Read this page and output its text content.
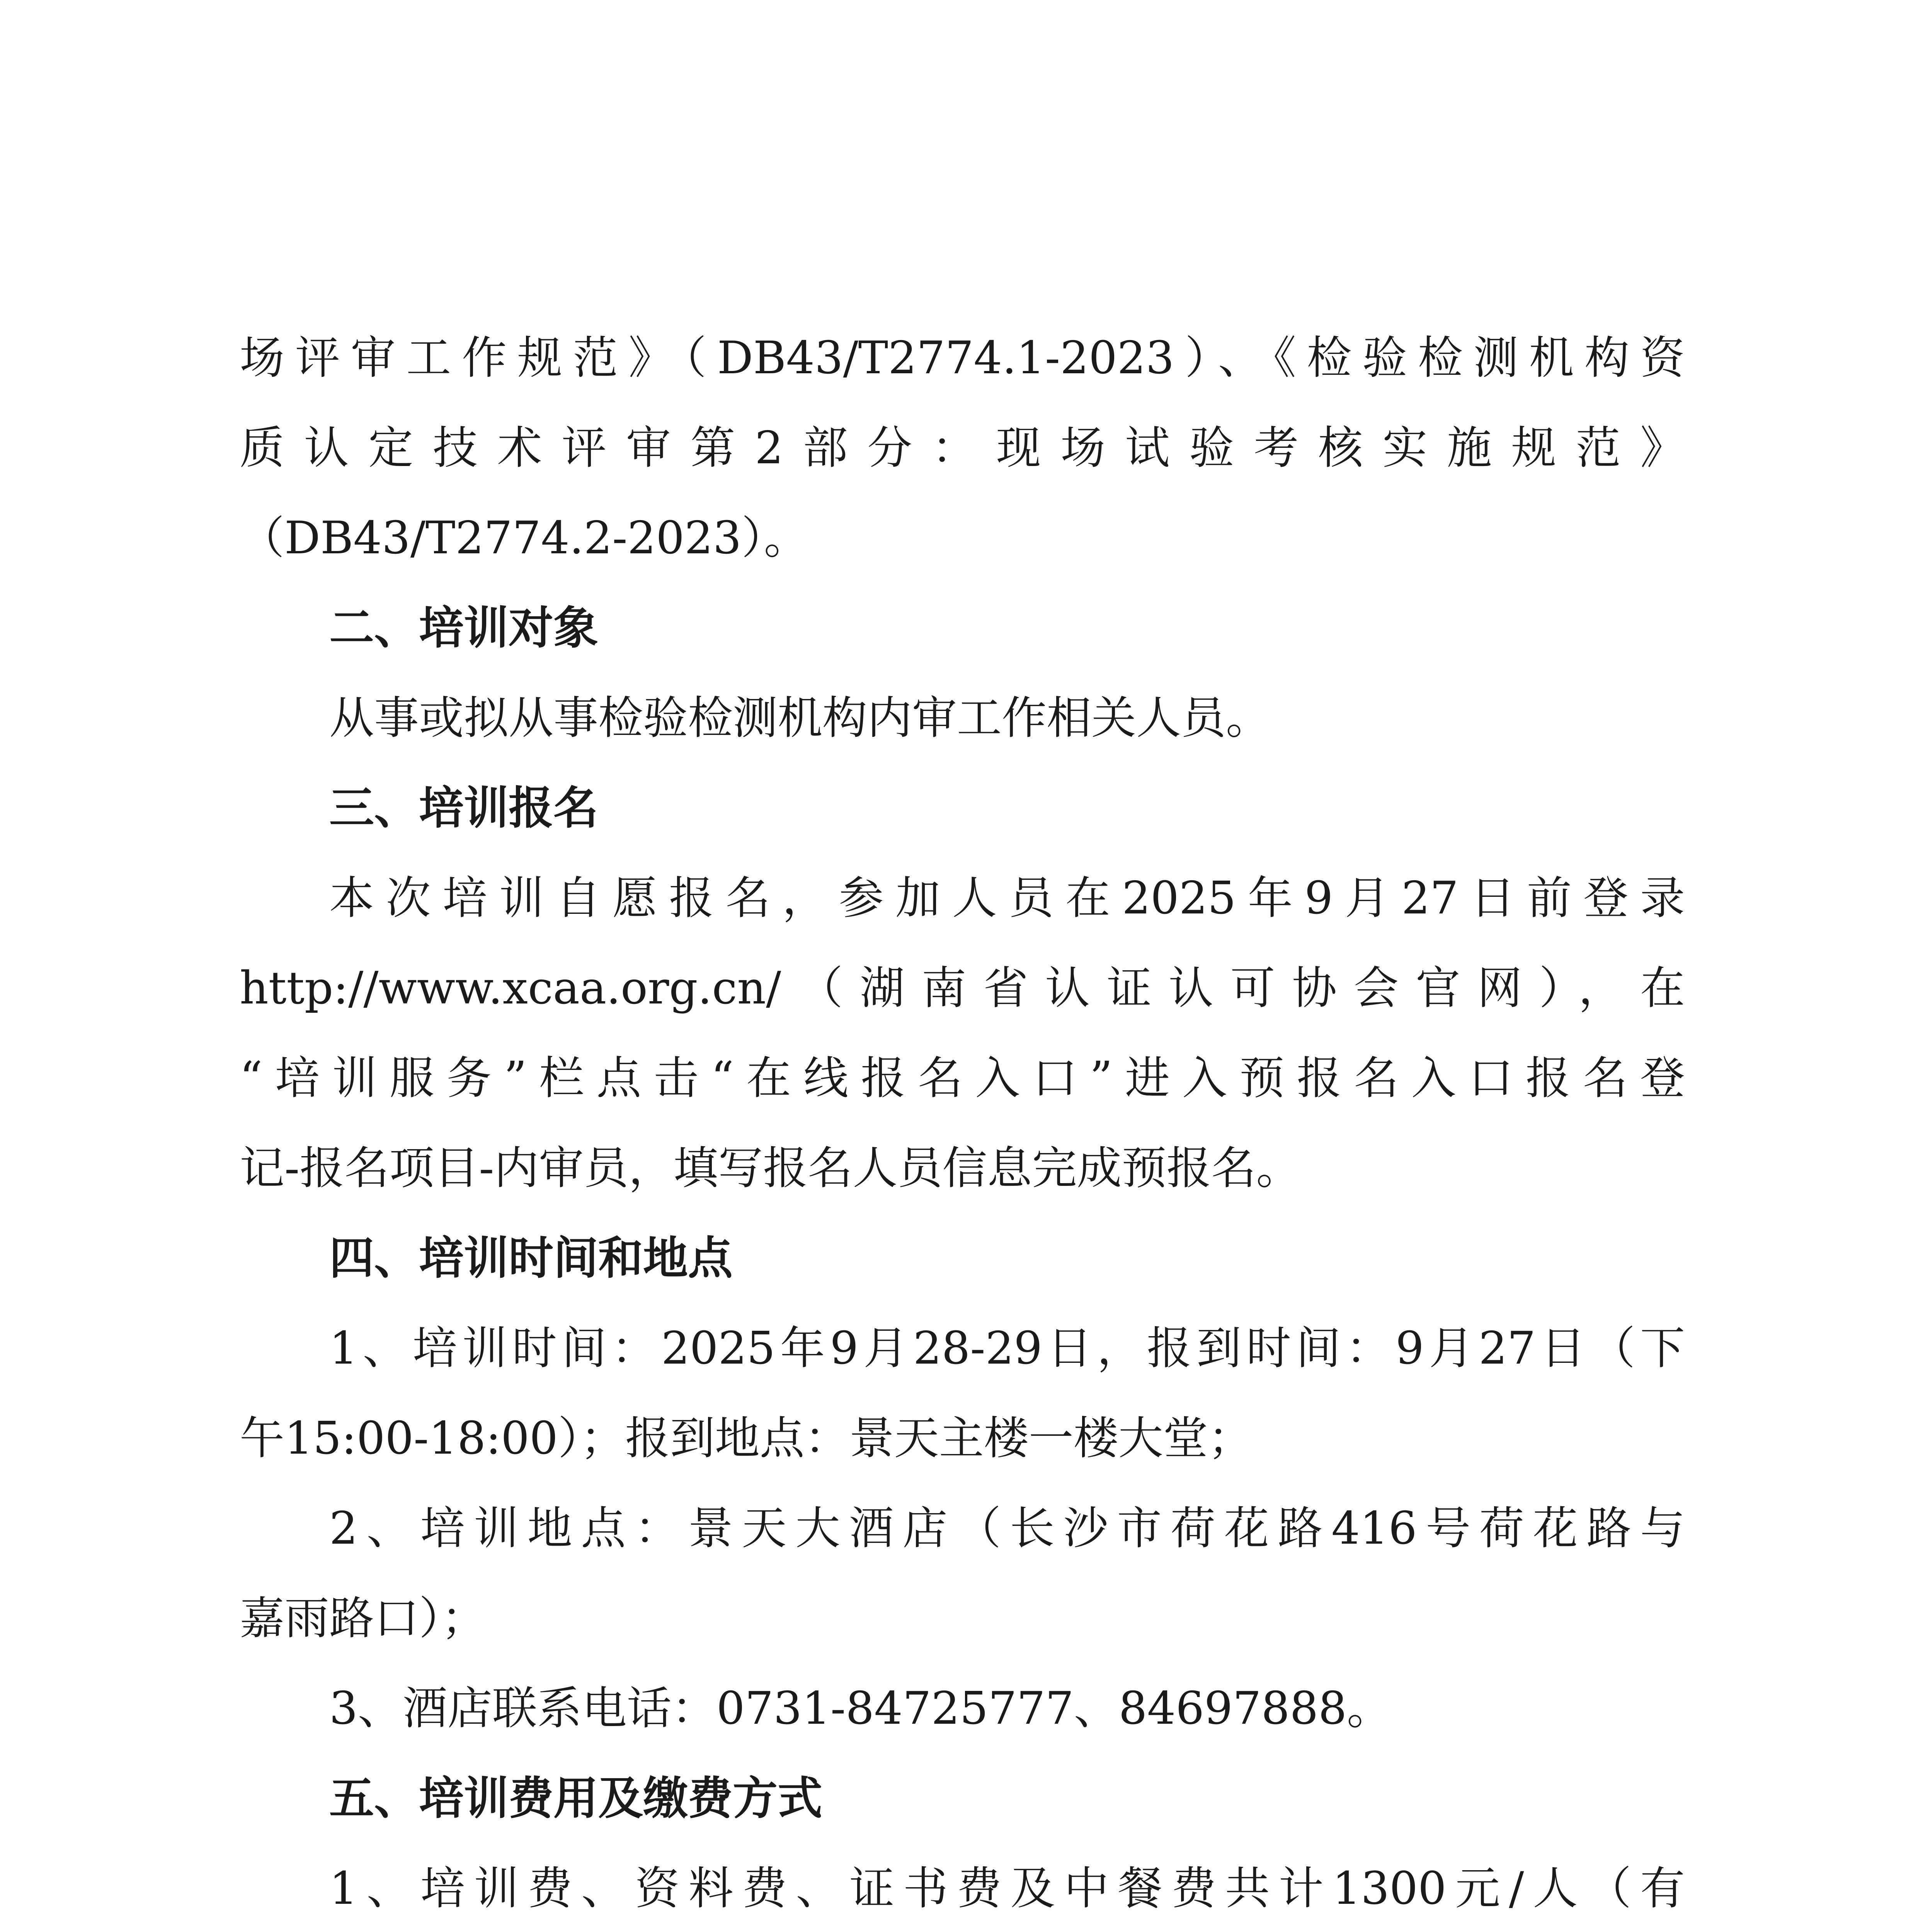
场评审工作规范》（DB43/T2774.1-2023）、《检验检测机构资
质认定技术评审第2部分：现场试验考核实施规范》
（DB43/T2774.2-2023）。
二、培训对象
从事或拟从事检验检测机构内审工作相关人员。
三、培训报名
本次培训自愿报名，参加人员在2025年9月27日前登录
http://www.xcaa.org.cn/（湖南省认证认可协会官网），在
“培训服务”栏点击“在线报名入口”进入预报名入口报名登
记-报名项目-内审员，填写报名人员信息完成预报名。
四、培训时间和地点
1、培训时间：2025年9月28-29日，报到时间：9月27日（下
午15:00-18:00）；报到地点：景天主楼一楼大堂；
2、培训地点：景天大酒店（长沙市荷花路416号荷花路与
嘉雨路口）；
3、酒店联系电话：0731-84725777、84697888。
五、培训费用及缴费方式
1、培训费、资料费、证书费及中餐费共计1300元/人（有
